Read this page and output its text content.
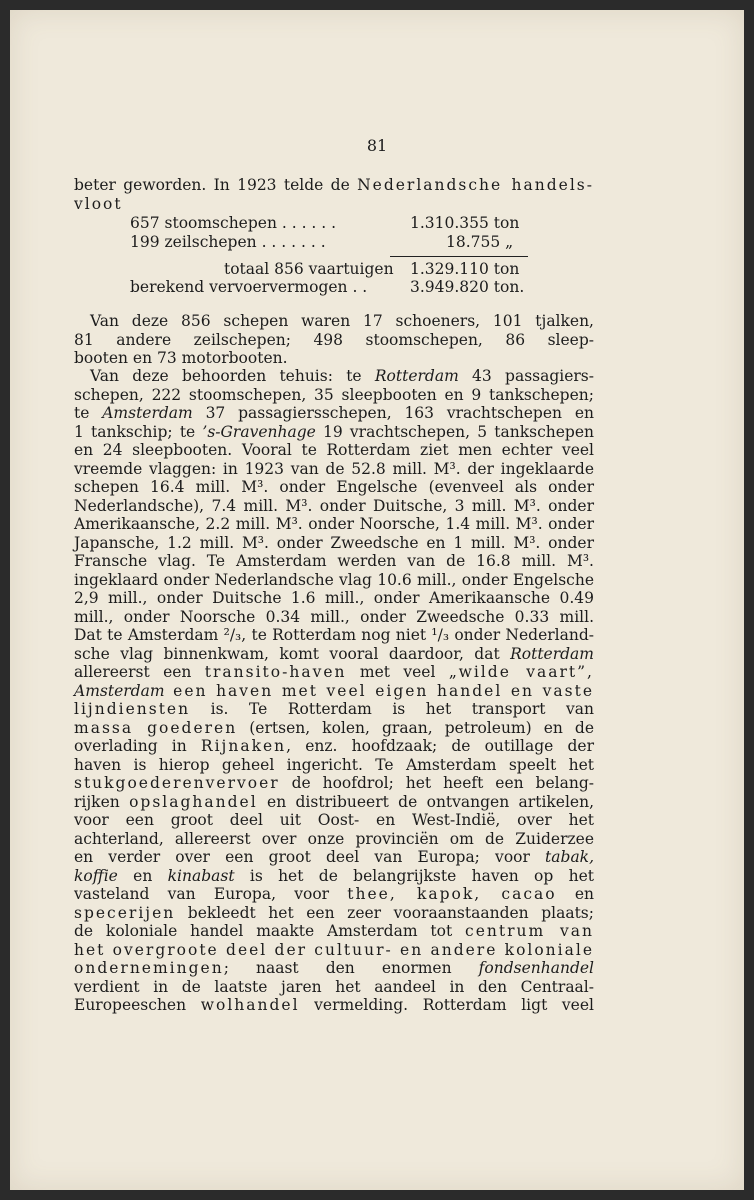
81
beter geworden. In 1923 telde de Nederlandsche handels-
vloot
657 stoomschepen . . . . . .	1.310.355 ton
199 zeilschepen . . . . . . .	18.755 „
totaal 856 vaartuigen 1.329.110 ton
berekend vervoervermogen . .	3.949.820 ton.
Van deze 856 schepen waren 17 schoeners, 101 tjalken,
81 andere zeilschepen; 498 stoomschepen, 86 sleep-
booten en 73 motorbooten.
Van deze behoorden tehuis: te Rotterdam 43 passagiers-
schepen, 222 stoomschepen, 35 sleepbooten en 9 tankschepen;
te Amsterdam 37 passagiersschepen, 163 vrachtschepen en
1 tankschip; te ’s-Gravenhage 19 vrachtschepen, 5 tankschepen
en 24 sleepbooten. Vooral te Rotterdam ziet men echter veel
vreemde vlaggen: in 1923 van de 52.8 mill. M³. der ingeklaarde
schepen 16.4 mill. M³. onder Engelsche (evenveel als onder
Nederlandsche), 7.4 mill. M³. onder Duitsche, 3 mill. M³. onder
Amerikaansche, 2.2 mill. M³. onder Noorsche, 1.4 mill. M³. onder
Japansche, 1.2 mill. M³. onder Zweedsche en 1 mill. M³. onder
Fransche vlag. Te Amsterdam werden van de 16.8 mill. M³.
ingeklaard onder Nederlandsche vlag 10.6 mill., onder Engelsche
2,9 mill., onder Duitsche 1.6 mill., onder Amerikaansche 0.49
mill., onder Noorsche 0.34 mill., onder Zweedsche 0.33 mill.
Dat te Amsterdam ²/₃, te Rotterdam nog niet ¹/₃ onder Nederland-
sche vlag binnenkwam, komt vooral daardoor, dat Rotterdam
allereerst een transito-haven met veel „wilde vaart”,
Amsterdam een haven met veel eigen handel en vaste
lijndiensten is. Te Rotterdam is het transport van
massa goederen (ertsen, kolen, graan, petroleum) en de
overlading in Rijnaken, enz. hoofdzaak; de outillage der
haven is hierop geheel ingericht. Te Amsterdam speelt het
stukgoederenvervoer de hoofdrol; het heeft een belang-
rijken opslaghandel en distribueert de ontvangen artikelen,
voor een groot deel uit Oost- en West-Indië, over het
achterland, allereerst over onze provinciën om de Zuiderzee
en verder over een groot deel van Europa; voor tabak,
koffie en kinabast is het de belangrijkste haven op het
vasteland van Europa, voor thee, kapok, cacao en
specerijen bekleedt het een zeer vooraanstaanden plaats;
de koloniale handel maakte Amsterdam tot centrum van
het overgroote deel der cultuur- en andere koloniale
ondernemingen; naast den enormen fondsenhandel
verdient in de laatste jaren het aandeel in den Centraal-
Europeeschen wolhandel vermelding. Rotterdam ligt veel
